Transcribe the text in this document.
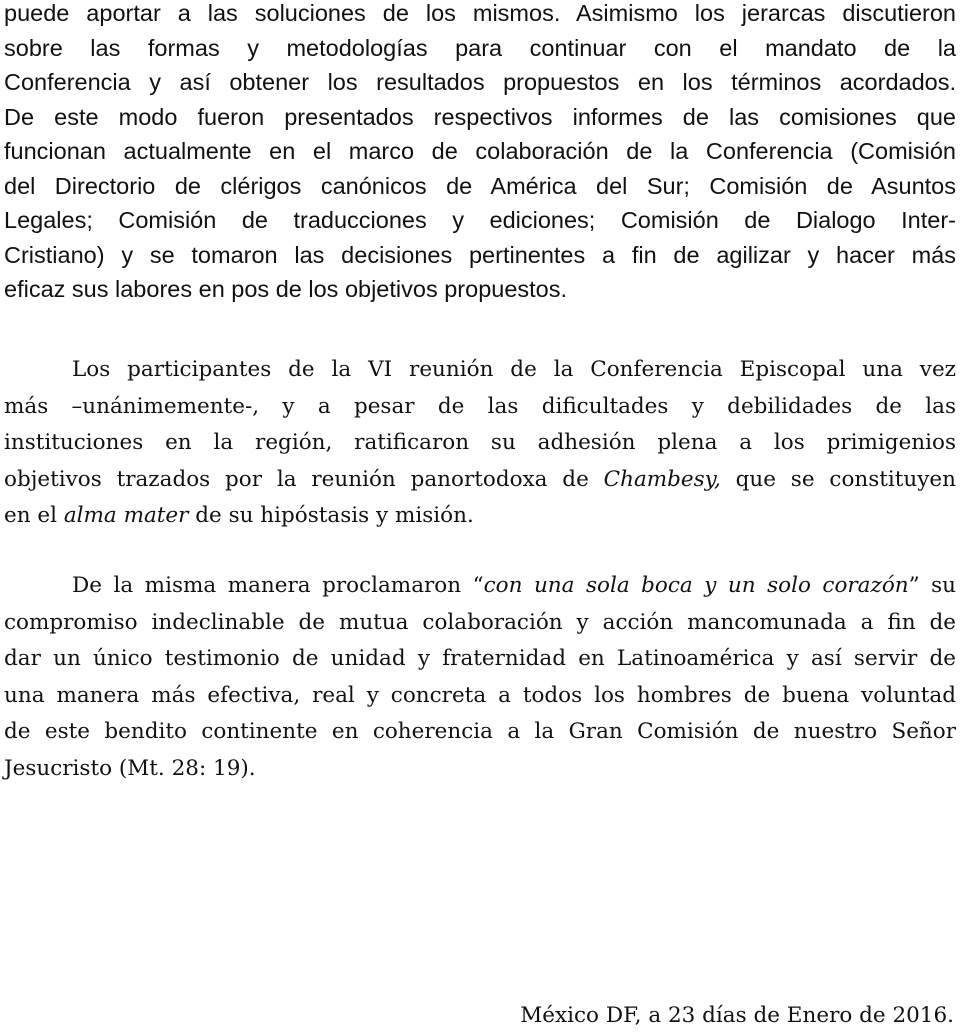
puede aportar a las soluciones de los mismos. Asimismo los jerarcas discutieron
sobre las formas y metodologías para continuar con el mandato de la
Conferencia y así obtener los resultados propuestos en los términos acordados.
De este modo fueron presentados respectivos informes de las comisiones que
funcionan actualmente en el marco de colaboración de la Conferencia (Comisión
del Directorio de clérigos canónicos de América del Sur; Comisión de Asuntos
Legales; Comisión de traducciones y ediciones; Comisión de Dialogo Inter-
Cristiano) y se tomaron las decisiones pertinentes a fin de agilizar y hacer más
eficaz sus labores en pos de los objetivos propuestos.

Los participantes de la VI reunión de la Conferencia Episcopal una vez
más –unánimemente-, y a pesar de las dificultades y debilidades de las
instituciones en la región, ratificaron su adhesión plena a los primigenios
objetivos trazados por la reunión panortodoxa de Chambesy, que se constituyen
en el alma mater de su hipóstasis y misión.

De la misma manera proclamaron “con una sola boca y un solo corazón” su
compromiso indeclinable de mutua colaboración y acción mancomunada a fin de
dar un único testimonio de unidad y fraternidad en Latinoamérica y así servir de
una manera más efectiva, real y concreta a todos los hombres de buena voluntad
de este bendito continente en coherencia a la Gran Comisión de nuestro Señor
Jesucristo (Mt. 28: 19).

México DF, a 23 días de Enero de 2016.
